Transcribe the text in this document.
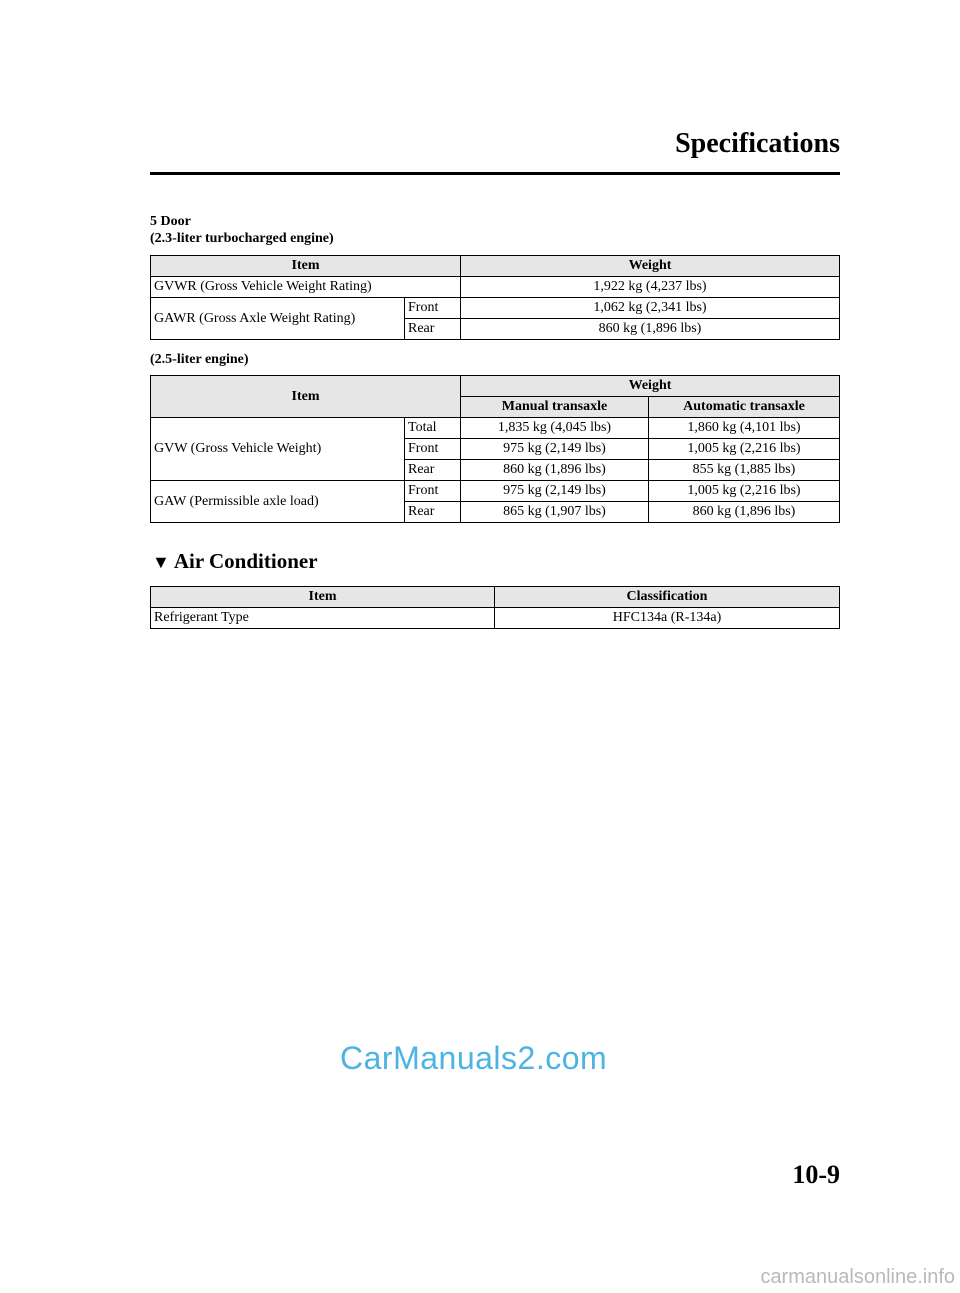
Specifications
5 Door
(2.3-liter turbocharged engine)
Item		Weight
GVWR (Gross Vehicle Weight Rating)		1,922 kg (4,237 lbs)
GAWR (Gross Axle Weight Rating)	Front	1,062 kg (2,341 lbs)
	Rear	860 kg (1,896 lbs)
(2.5-liter engine)
Item		Weight	
		Manual transaxle	Automatic transaxle
GVW (Gross Vehicle Weight)	Total	1,835 kg (4,045 lbs)	1,860 kg (4,101 lbs)
	Front	975 kg (2,149 lbs)	1,005 kg (2,216 lbs)
	Rear	860 kg (1,896 lbs)	855 kg (1,885 lbs)
GAW (Permissible axle load)	Front	975 kg (2,149 lbs)	1,005 kg (2,216 lbs)
	Rear	865 kg (1,907 lbs)	860 kg (1,896 lbs)
▼ Air Conditioner
Item	Classification
Refrigerant Type	HFC134a (R-134a)
CarManuals2.com
10-9
carmanualsonline.info
